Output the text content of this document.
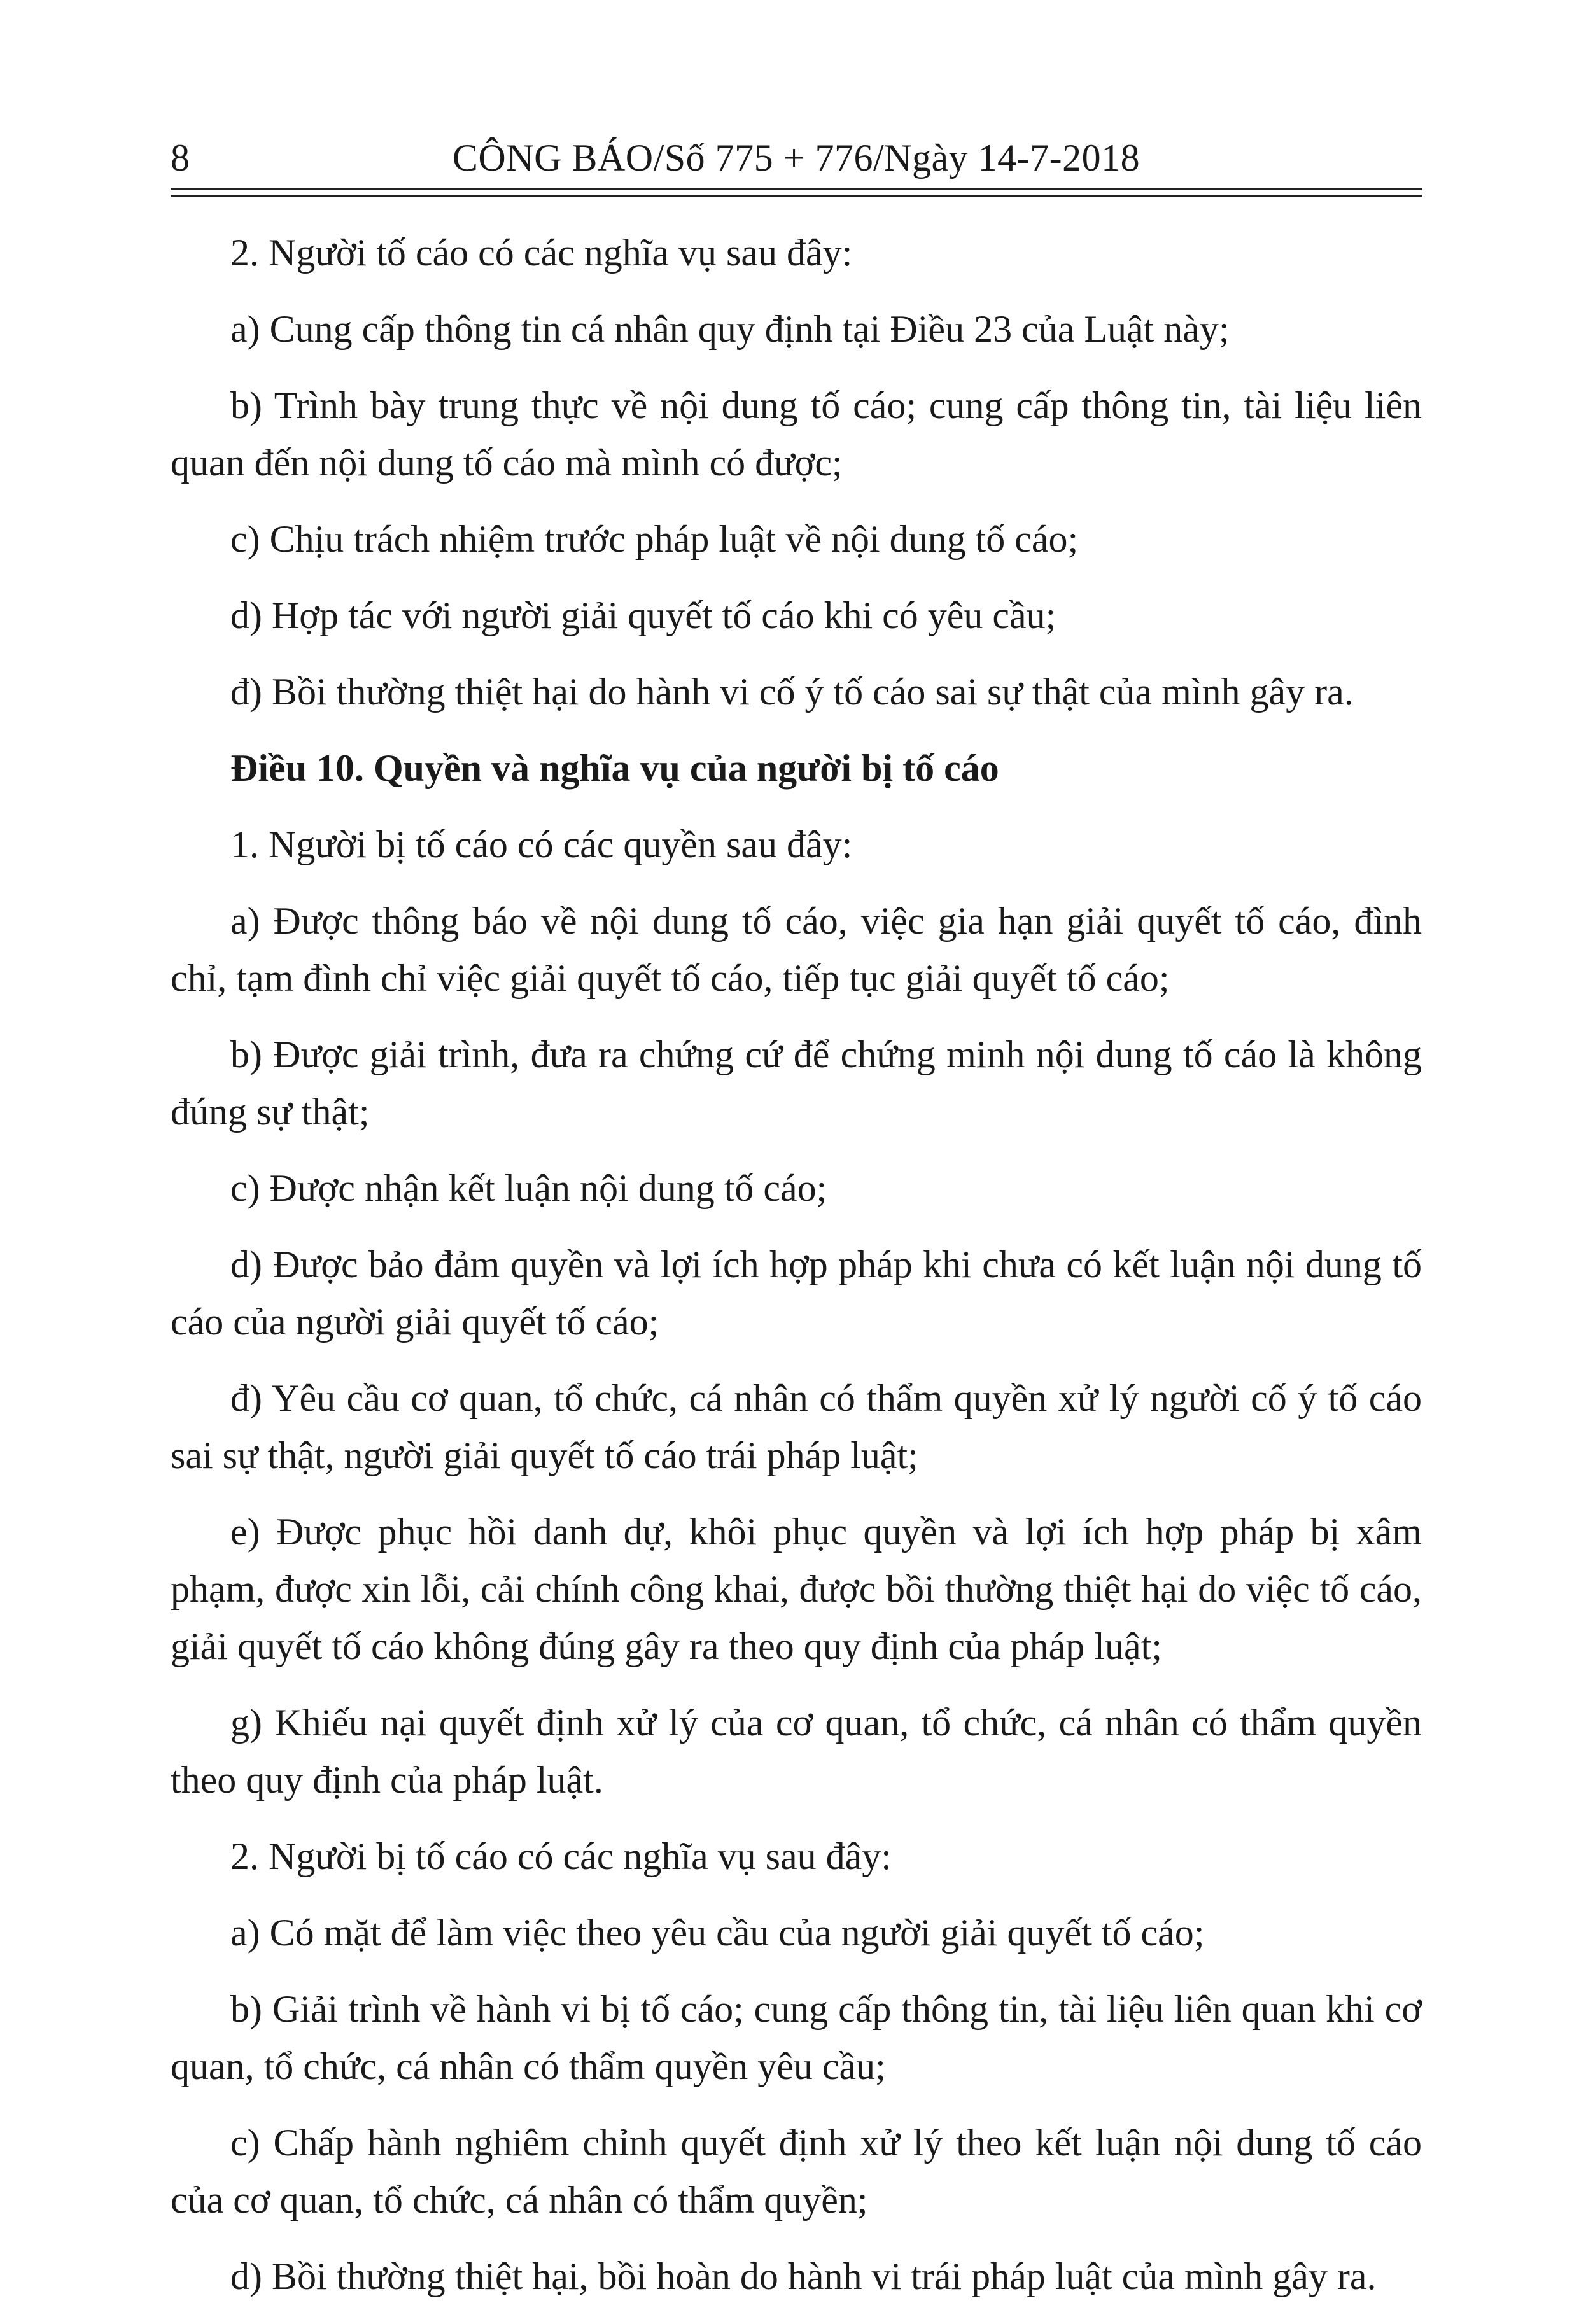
8	CÔNG BÁO/Số 775 + 776/Ngày 14-7-2018

2. Người tố cáo có các nghĩa vụ sau đây:

a) Cung cấp thông tin cá nhân quy định tại Điều 23 của Luật này;

b) Trình bày trung thực về nội dung tố cáo; cung cấp thông tin, tài liệu liên quan đến nội dung tố cáo mà mình có được;

c) Chịu trách nhiệm trước pháp luật về nội dung tố cáo;

d) Hợp tác với người giải quyết tố cáo khi có yêu cầu;

đ) Bồi thường thiệt hại do hành vi cố ý tố cáo sai sự thật của mình gây ra.

Điều 10. Quyền và nghĩa vụ của người bị tố cáo

1. Người bị tố cáo có các quyền sau đây:

a) Được thông báo về nội dung tố cáo, việc gia hạn giải quyết tố cáo, đình chỉ, tạm đình chỉ việc giải quyết tố cáo, tiếp tục giải quyết tố cáo;

b) Được giải trình, đưa ra chứng cứ để chứng minh nội dung tố cáo là không đúng sự thật;

c) Được nhận kết luận nội dung tố cáo;

d) Được bảo đảm quyền và lợi ích hợp pháp khi chưa có kết luận nội dung tố cáo của người giải quyết tố cáo;

đ) Yêu cầu cơ quan, tổ chức, cá nhân có thẩm quyền xử lý người cố ý tố cáo sai sự thật, người giải quyết tố cáo trái pháp luật;

e) Được phục hồi danh dự, khôi phục quyền và lợi ích hợp pháp bị xâm phạm, được xin lỗi, cải chính công khai, được bồi thường thiệt hại do việc tố cáo, giải quyết tố cáo không đúng gây ra theo quy định của pháp luật;

g) Khiếu nại quyết định xử lý của cơ quan, tổ chức, cá nhân có thẩm quyền theo quy định của pháp luật.

2. Người bị tố cáo có các nghĩa vụ sau đây:

a) Có mặt để làm việc theo yêu cầu của người giải quyết tố cáo;

b) Giải trình về hành vi bị tố cáo; cung cấp thông tin, tài liệu liên quan khi cơ quan, tổ chức, cá nhân có thẩm quyền yêu cầu;

c) Chấp hành nghiêm chỉnh quyết định xử lý theo kết luận nội dung tố cáo của cơ quan, tổ chức, cá nhân có thẩm quyền;

d) Bồi thường thiệt hại, bồi hoàn do hành vi trái pháp luật của mình gây ra.
